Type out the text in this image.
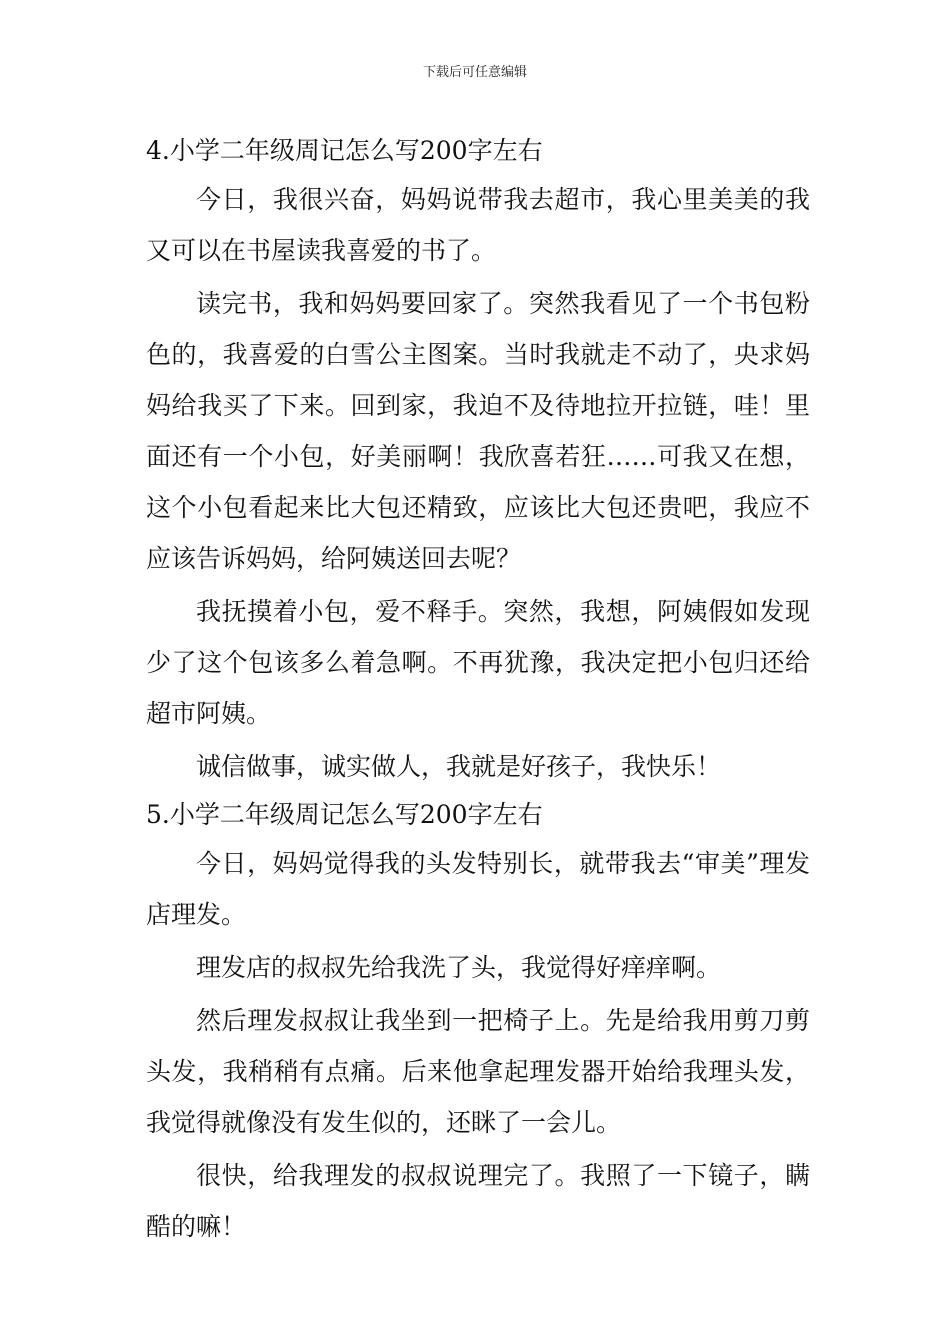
下载后可任意编辑

4.小学二年级周记怎么写200字左右

今日，我很兴奋，妈妈说带我去超市，我心里美美的我又可以在书屋读我喜爱的书了。

读完书，我和妈妈要回家了。突然我看见了一个书包粉色的，我喜爱的白雪公主图案。当时我就走不动了，央求妈妈给我买了下来。回到家，我迫不及待地拉开拉链，哇！里面还有一个小包，好美丽啊！我欣喜若狂……可我又在想，这个小包看起来比大包还精致，应该比大包还贵吧，我应不应该告诉妈妈，给阿姨送回去呢？

我抚摸着小包，爱不释手。突然，我想，阿姨假如发现少了这个包该多么着急啊。不再犹豫，我决定把小包归还给超市阿姨。

诚信做事，诚实做人，我就是好孩子，我快乐！

5.小学二年级周记怎么写200字左右

今日，妈妈觉得我的头发特别长，就带我去“审美”理发店理发。

理发店的叔叔先给我洗了头，我觉得好痒痒啊。

然后理发叔叔让我坐到一把椅子上。先是给我用剪刀剪头发，我稍稍有点痛。后来他拿起理发器开始给我理头发，我觉得就像没有发生似的，还眯了一会儿。

很快，给我理发的叔叔说理完了。我照了一下镜子，瞒酷的嘛！
